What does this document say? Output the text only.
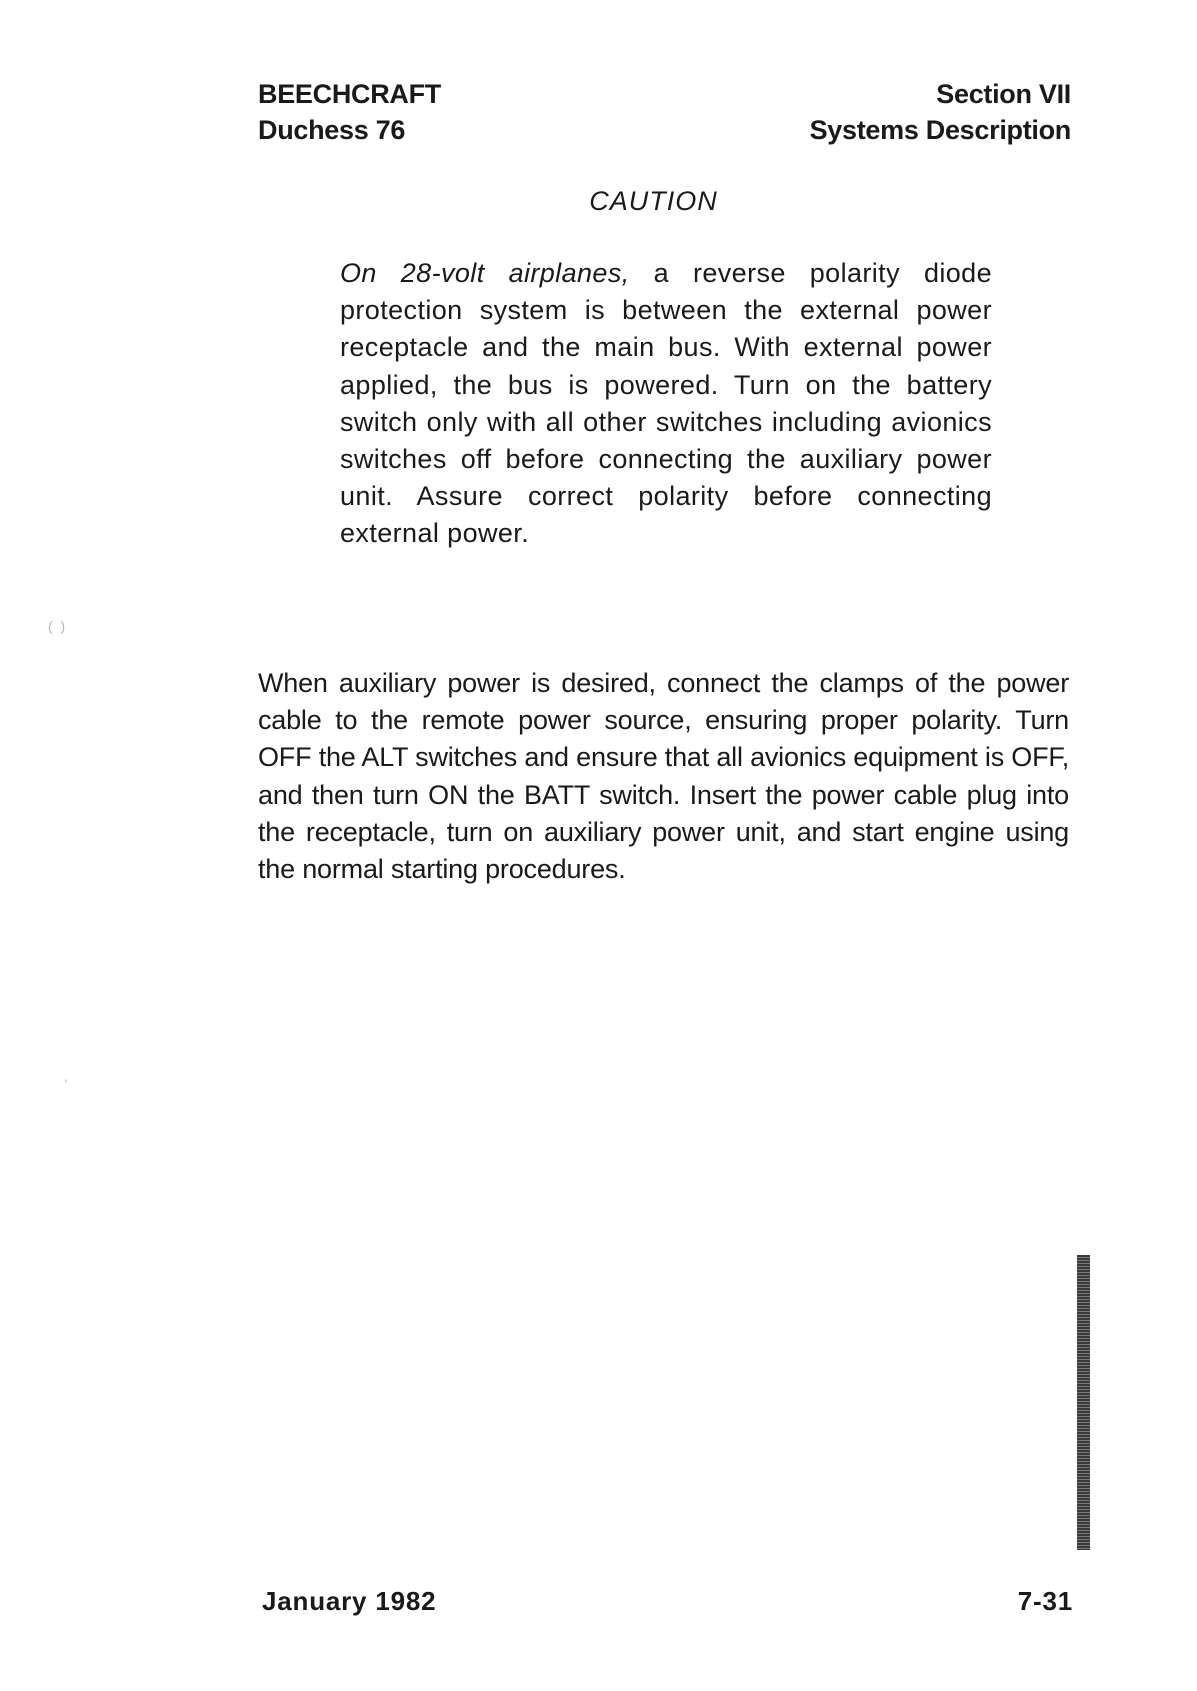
BEECHCRAFT
Duchess 76
Section VII
Systems Description
CAUTION
On 28-volt airplanes, a reverse polarity diode protection system is between the external power receptacle and the main bus. With external power applied, the bus is powered. Turn on the battery switch only with all other switches including avionics switches off before connecting the auxiliary power unit. Assure correct polarity before connecting external power.
When auxiliary power is desired, connect the clamps of the power cable to the remote power source, ensuring proper polarity. Turn OFF the ALT switches and ensure that all avionics equipment is OFF, and then turn ON the BATT switch. Insert the power cable plug into the receptacle, turn on auxiliary power unit, and start engine using the normal starting procedures.
(  )
,
January 1982	7-31
